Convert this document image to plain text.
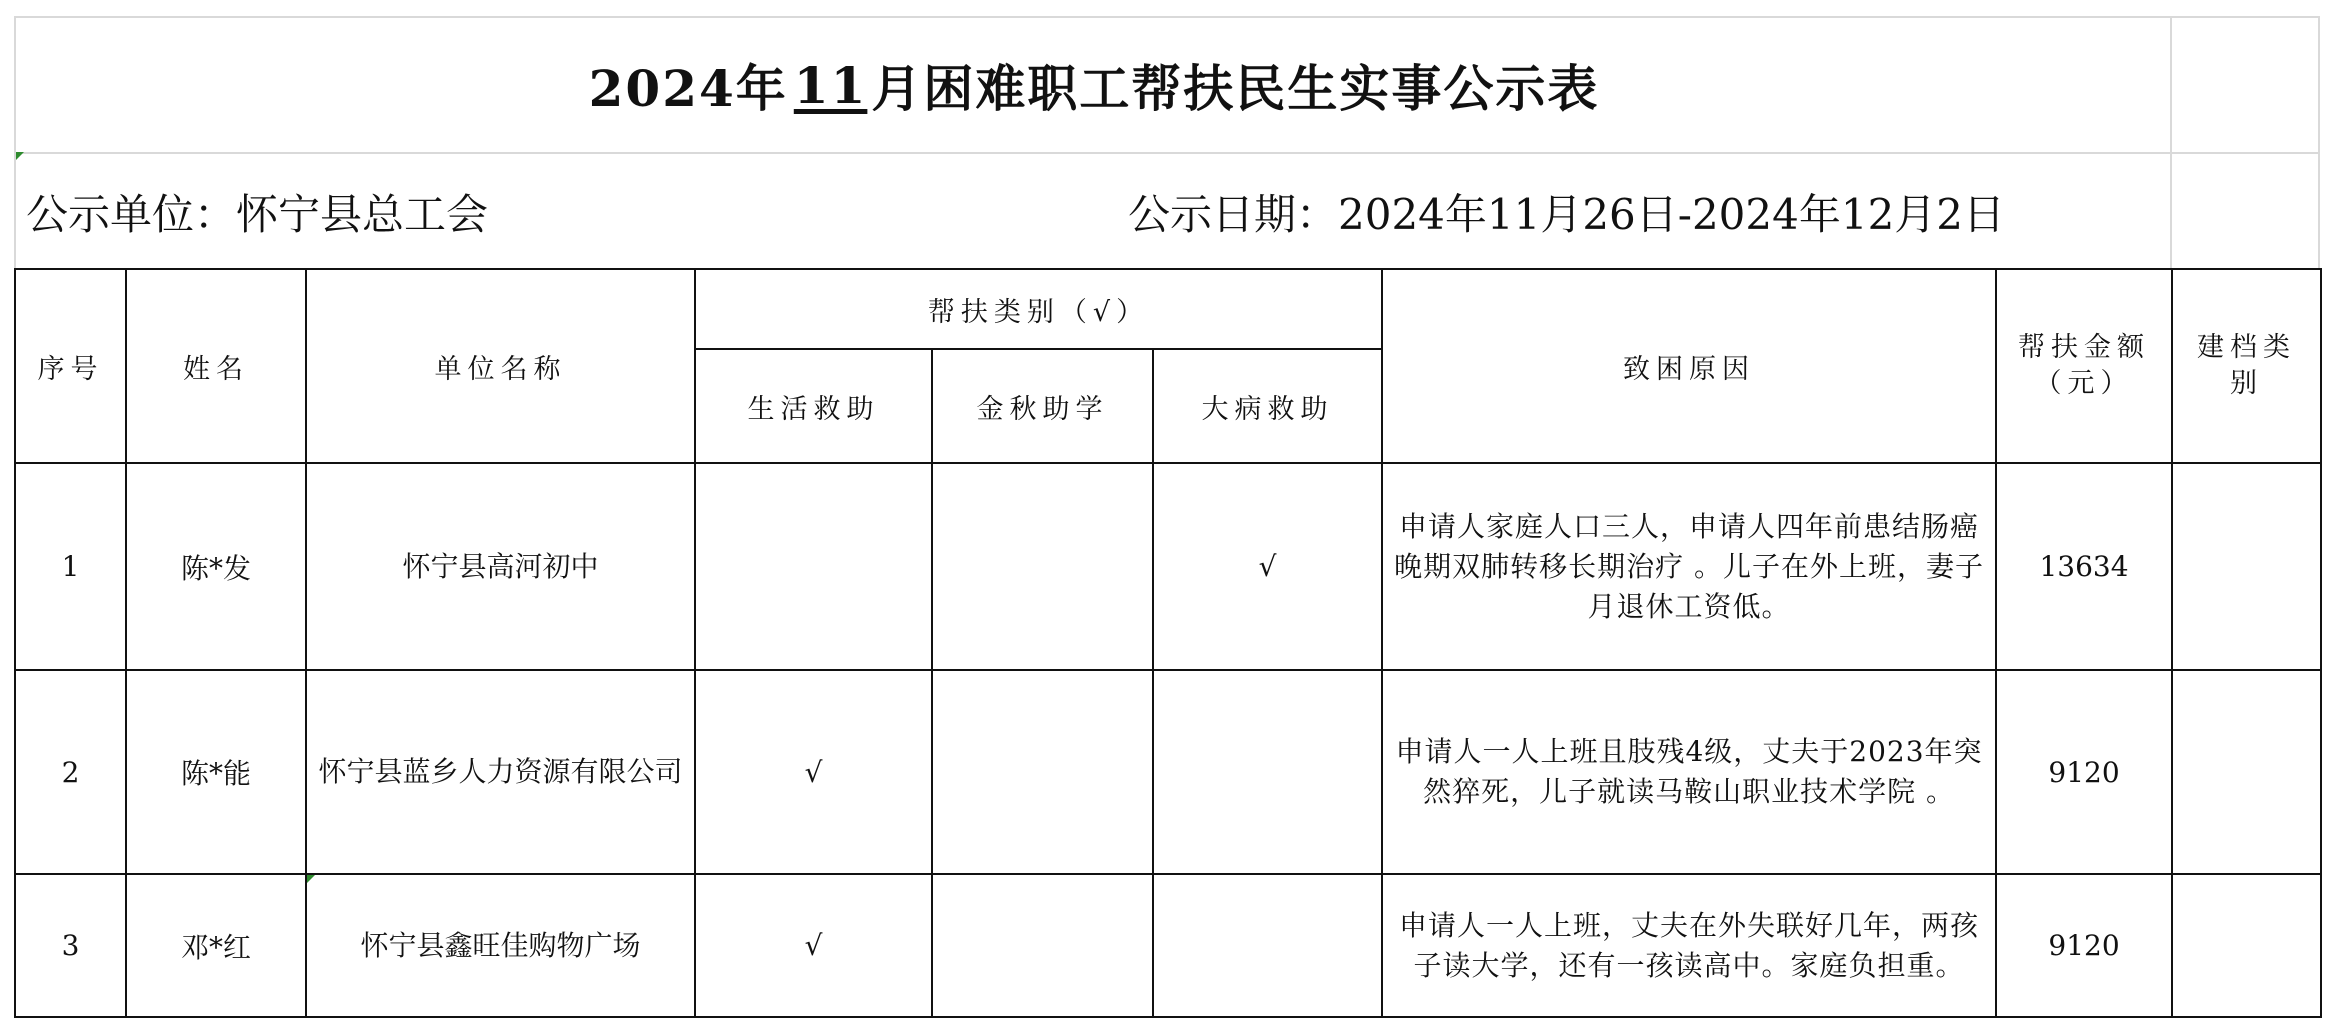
2024年 11 月困难职工帮扶民生实事公示表
公示单位：怀宁县总工会	公示日期：2024年11月26日-2024年12月2日
序号	姓名	单位名称	帮扶类别（√）			致困原因	帮扶金额（元）	建档类别
			生活救助	金秋助学	大病救助			
1	陈*发	怀宁县高河初中			√	申请人家庭人口三人，申请人四年前患结肠癌晚期双肺转移长期治疗 。儿子在外上班，妻子月退休工资低。	13634	
2	陈*能	怀宁县蓝乡人力资源有限公司	√			申请人一人上班且肢残4级，丈夫于2023年突然猝死，儿子就读马鞍山职业技术学院 。	9120	
3	邓*红	怀宁县鑫旺佳购物广场	√			申请人一人上班，丈夫在外失联好几年，两孩子读大学，还有一孩读高中。家庭负担重。	9120	
